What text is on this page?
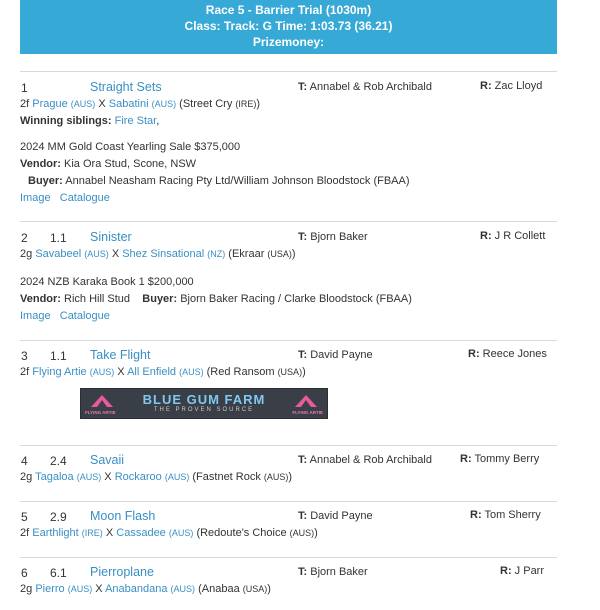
Race 5 - Barrier Trial (1030m)
Class: Track: G Time: 1:03.73 (36.21)
Prizemoney:
1	Straight Sets	T: Annabel & Rob Archibald	R: Zac Lloyd
2f Prague (AUS) X Sabatini (AUS) (Street Cry (IRE))
Winning siblings: Fire Star,
2024 MM Gold Coast Yearling Sale $375,000
Vendor: Kia Ora Stud, Scone, NSW
Buyer: Annabel Neasham Racing Pty Ltd/William Johnson Bloodstock (FBAA)
Image Catalogue
2 1.1 Sinister	T: Bjorn Baker	R: J R Collett
2g Savabeel (AUS) X Shez Sinsational (NZ) (Ekraar (USA))
2024 NZB Karaka Book 1 $200,000
Vendor: Rich Hill Stud Buyer: Bjorn Baker Racing / Clarke Bloodstock (FBAA)
Image Catalogue
3 1.1 Take Flight	T: David Payne	R: Reece Jones
2f Flying Artie (AUS) X All Enfield (AUS) (Red Ransom (USA))
FLYING ARTIE
BLUE GUM FARM
THE PROVEN SOURCE	FLYING ARTIE
4 2.4 Savaii	T: Annabel & Rob Archibald	R: Tommy Berry
2g Tagaloa (AUS) X Rockaroo (AUS) (Fastnet Rock (AUS))
5 2.9 Moon Flash	T: David Payne	R: Tom Sherry
2f Earthlight (IRE) X Cassadee (AUS) (Redoute's Choice (AUS))
6 6.1 Pierroplane	T: Bjorn Baker	R: J Parr
2g Pierro (AUS) X Anabandana (AUS) (Anabaa (USA))
